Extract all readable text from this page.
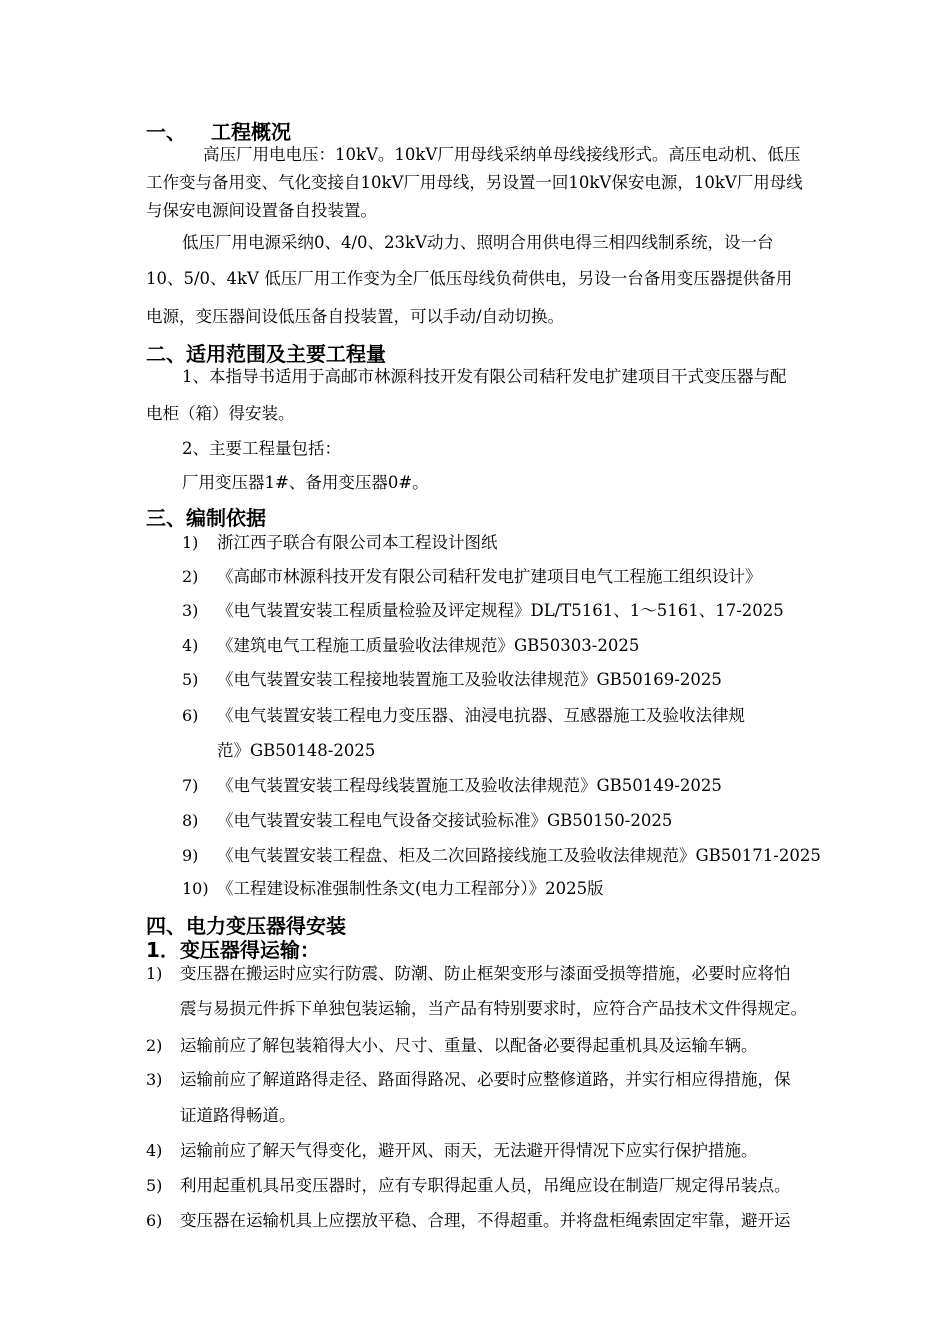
一、 工程概况
高压厂用电电压：10kV。10kV厂用母线采纳单母线接线形式。高压电动机、低压
工作变与备用变、气化变接自10kV厂用母线，另设置一回10kV保安电源，10kV厂用母线
与保安电源间设置备自投装置。
低压厂用电源采纳0、4/0、23kV动力、照明合用供电得三相四线制系统，设一台
10、5/0、4kV 低压厂用工作变为全厂低压母线负荷供电，另设一台备用变压器提供备用
电源，变压器间设低压备自投装置，可以手动/自动切换。
二、适用范围及主要工程量
1、本指导书适用于高邮市林源科技开发有限公司秸秆发电扩建项目干式变压器与配
电柜（箱）得安装。
2、主要工程量包括：
厂用变压器1#、备用变压器0#。
三、编制依据
1) 浙江西子联合有限公司本工程设计图纸
2) 《高邮市林源科技开发有限公司秸秆发电扩建项目电气工程施工组织设计》
3) 《电气装置安装工程质量检验及评定规程》DL/T5161、1～5161、17-2025
4) 《建筑电气工程施工质量验收法律规范》GB50303-2025
5) 《电气装置安装工程接地装置施工及验收法律规范》GB50169-2025
6) 《电气装置安装工程电力变压器、油浸电抗器、互感器施工及验收法律规
范》GB50148-2025
7) 《电气装置安装工程母线装置施工及验收法律规范》GB50149-2025
8) 《电气装置安装工程电气设备交接试验标准》GB50150-2025
9) 《电气装置安装工程盘、柜及二次回路接线施工及验收法律规范》GB50171-2025
10) 《工程建设标准强制性条文(电力工程部分）》2025版
四、电力变压器得安装
1．变压器得运输：
1) 变压器在搬运时应实行防震、防潮、防止框架变形与漆面受损等措施，必要时应将怕
震与易损元件拆下单独包装运输，当产品有特别要求时，应符合产品技术文件得规定。
2) 运输前应了解包装箱得大小、尺寸、重量、以配备必要得起重机具及运输车辆。
3) 运输前应了解道路得走径、路面得路况、必要时应整修道路，并实行相应得措施，保
证道路得畅道。
4) 运输前应了解天气得变化，避开风、雨天，无法避开得情况下应实行保护措施。
5) 利用起重机具吊变压器时，应有专职得起重人员，吊绳应设在制造厂规定得吊装点。
6) 变压器在运输机具上应摆放平稳、合理，不得超重。并将盘柜绳索固定牢靠，避开运
